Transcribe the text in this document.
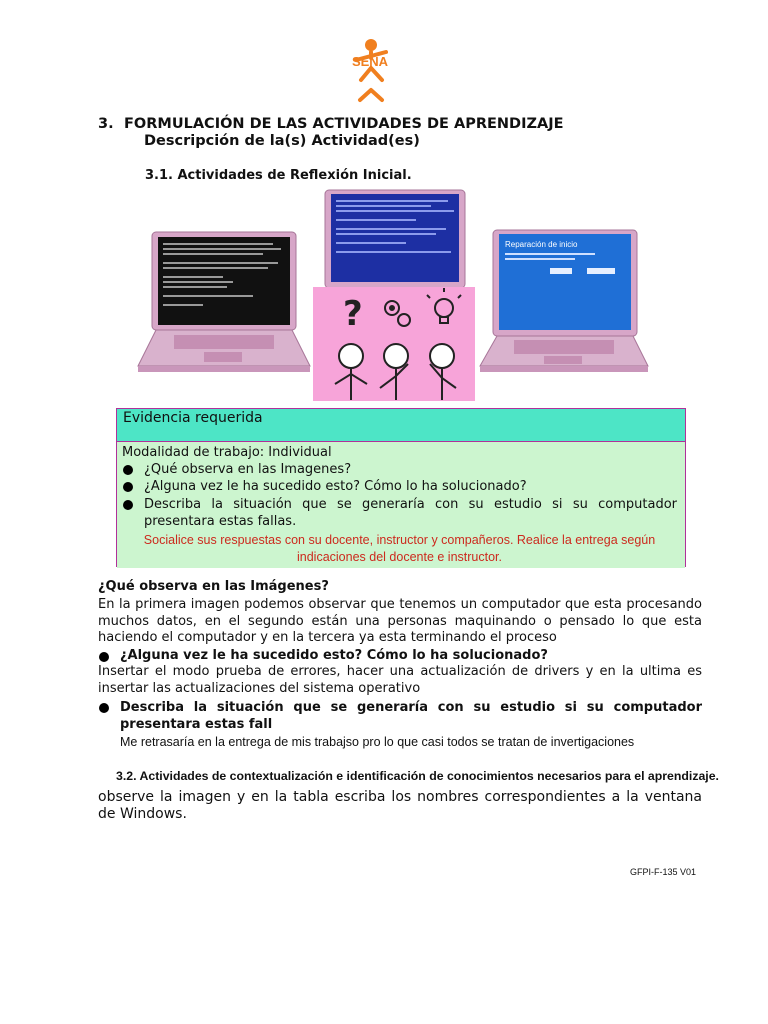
SENA
3. FORMULACIÓN DE LAS ACTIVIDADES DE APRENDIZAJE
Descripción de la(s) Actividad(es)
3.1. Actividades de Reflexión Inicial.
?
Reparación de inicio
Evidencia requerida
Modalidad de trabajo: Individual
¿Qué observa en las Imagenes?
¿Alguna vez le ha sucedido esto? Cómo lo ha solucionado?
Describa la situación que se generaría con su estudio si su computador presentara estas fallas.
Socialice sus respuestas con su docente, instructor y compañeros. Realice la entrega según indicaciones del docente e instructor.
¿Qué observa en las Imágenes?
En la primera imagen podemos observar que tenemos un computador que esta procesando muchos datos, en el segundo están una personas maquinando o pensado lo que esta haciendo el computador y en la tercera ya esta terminando el proceso
¿Alguna vez le ha sucedido esto? Cómo lo ha solucionado?
Insertar el modo prueba de errores, hacer una actualización de drivers y en la ultima es insertar las actualizaciones del sistema operativo
Describa la situación que se generaría con su estudio si su computador presentara estas fall
Me retrasaría en la entrega de mis trabajso pro lo que casi todos se tratan de invertigaciones
3.2. Actividades de contextualización e identificación de conocimientos necesarios para el aprendizaje.
observe la imagen y en la tabla escriba los nombres correspondientes a la ventana de Windows.
GFPI-F-135 V01
